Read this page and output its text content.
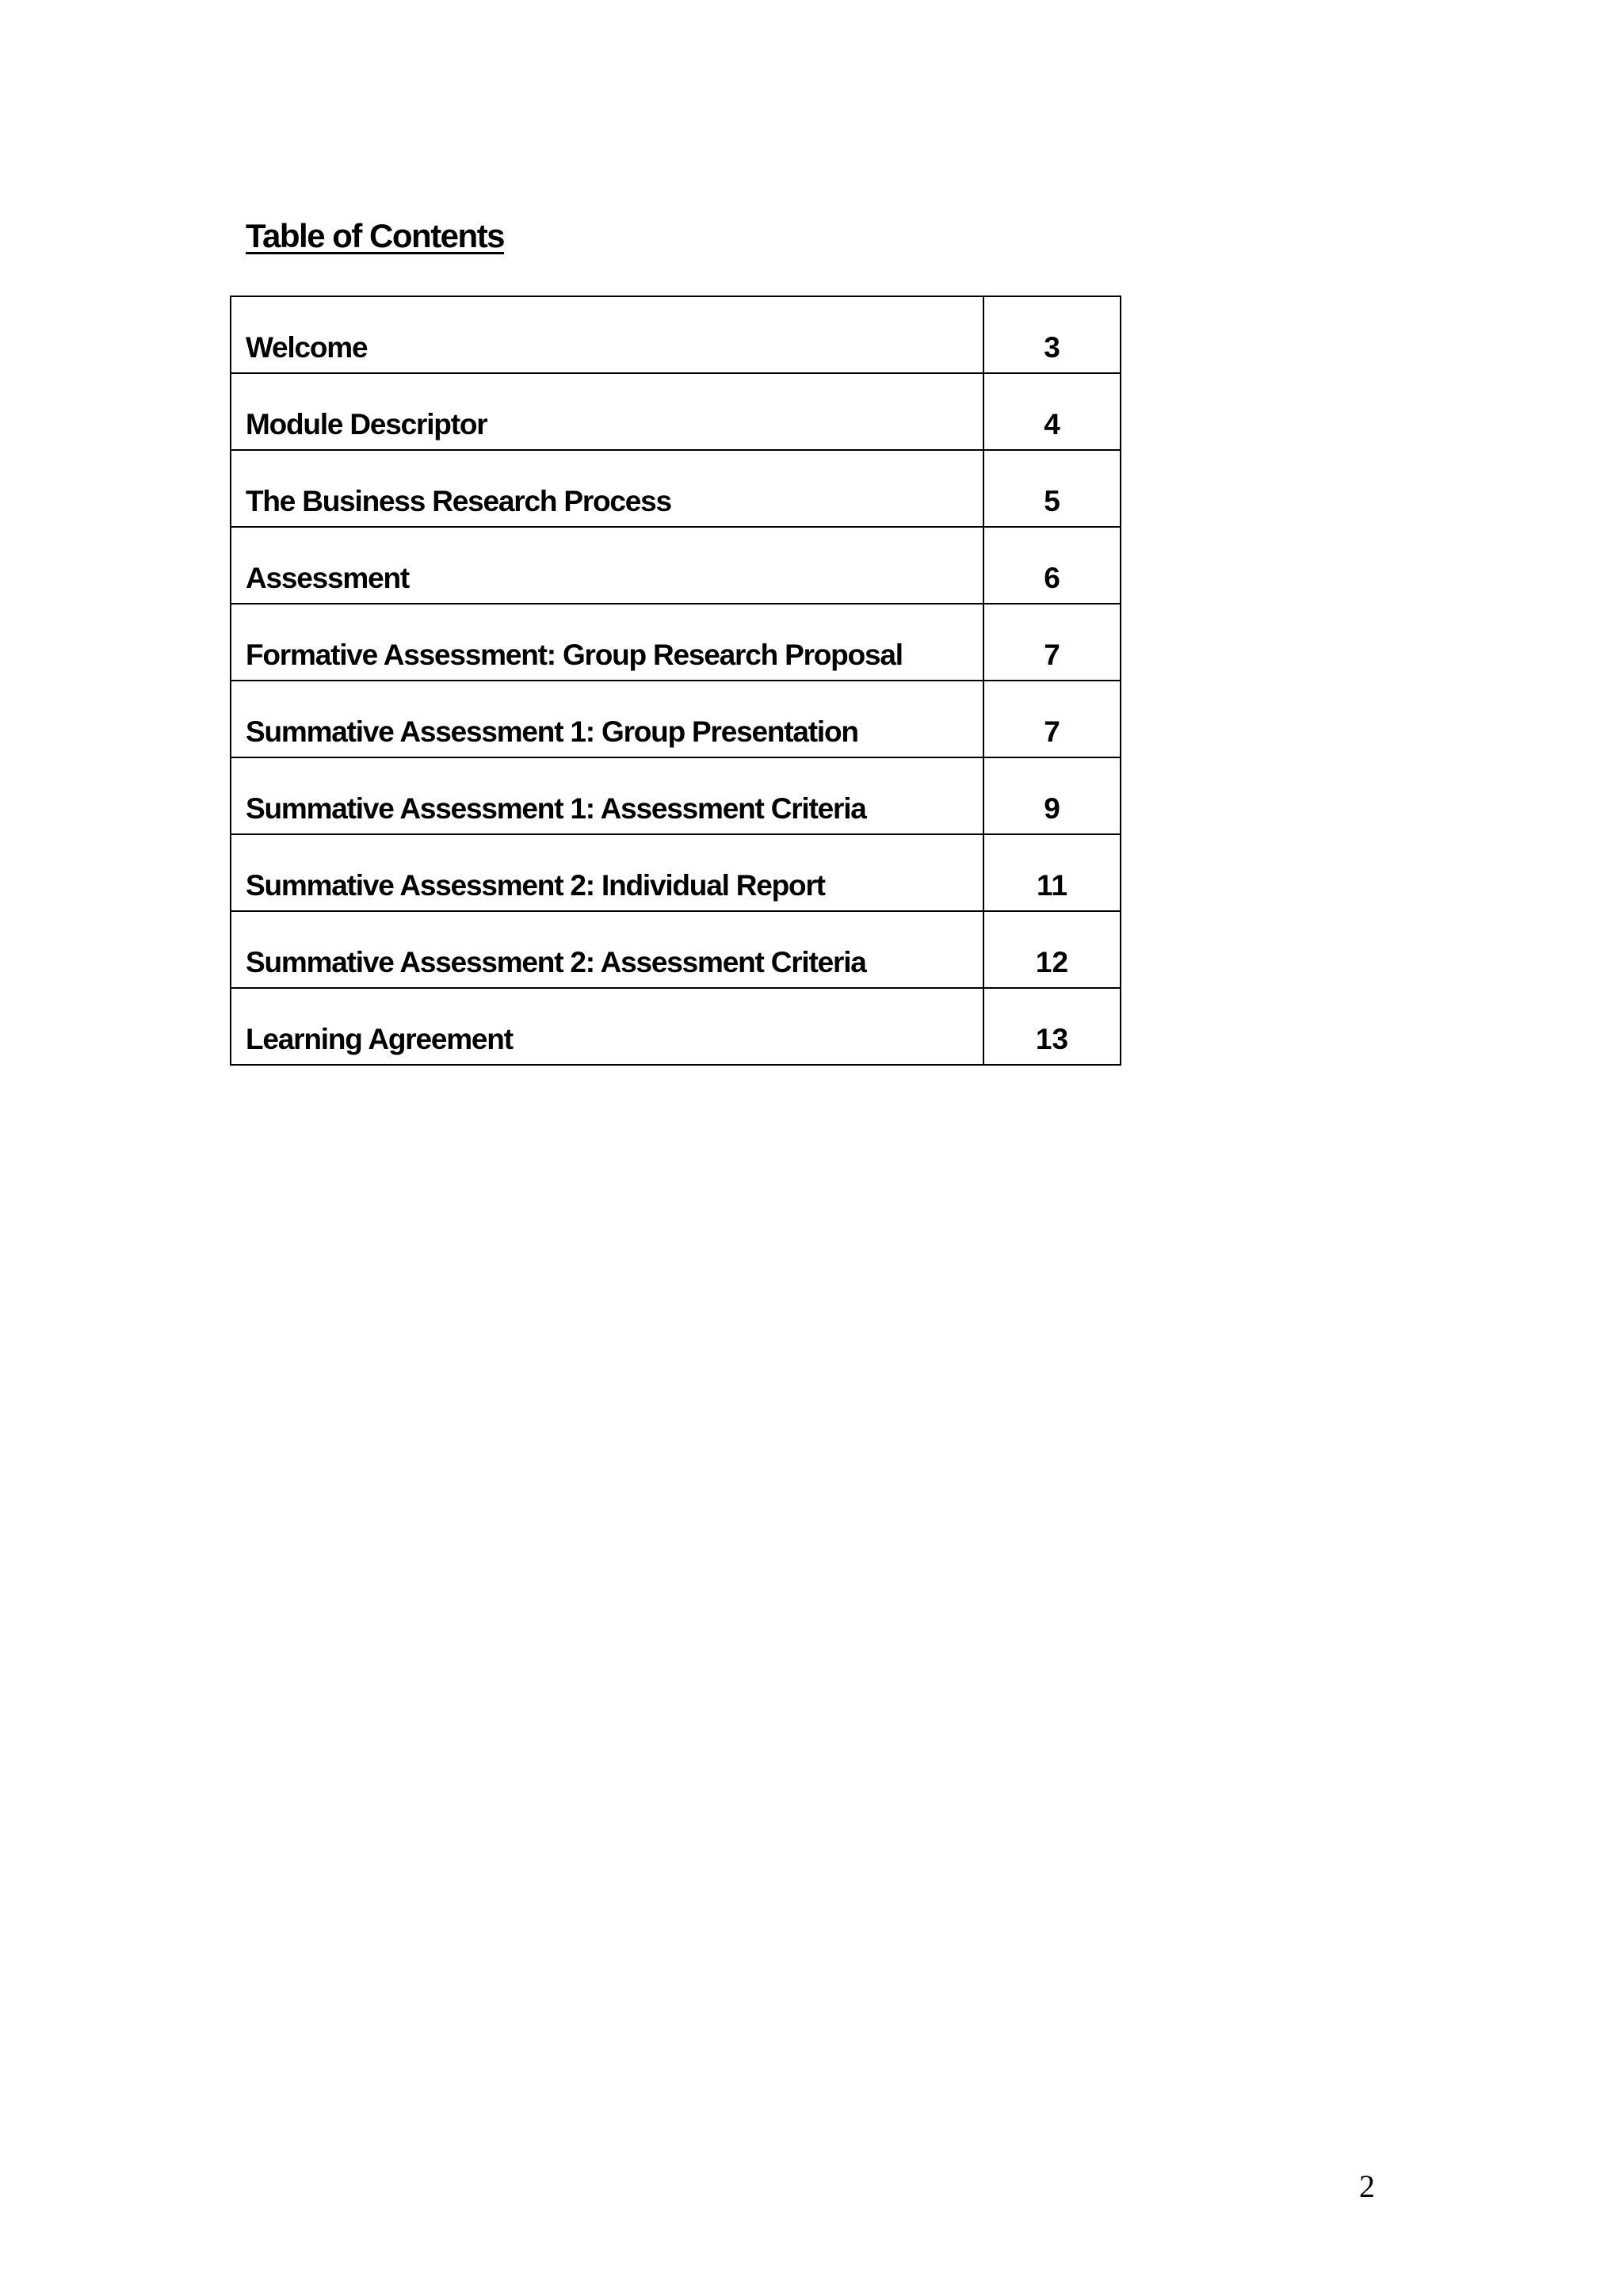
Table of Contents
Welcome	3
Module Descriptor	4
The Business Research Process	5
Assessment	6
Formative Assessment: Group Research Proposal	7
Summative Assessment 1: Group Presentation	7
Summative Assessment 1: Assessment Criteria	9
Summative Assessment 2: Individual Report	11
Summative Assessment 2: Assessment Criteria	12
Learning Agreement	13
2
